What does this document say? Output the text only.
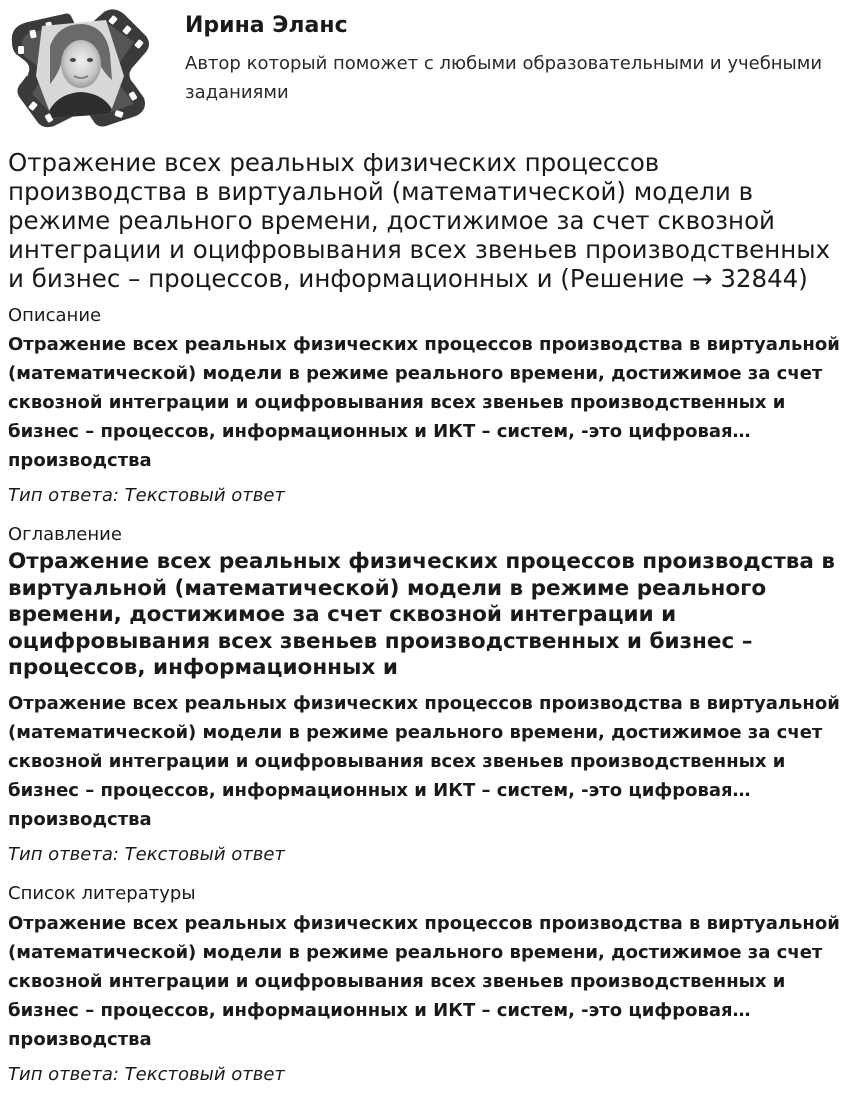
Ирина Эланс
Автор который поможет с любыми образовательными и учебными заданиями
Отражение всех реальных физических процессов производства в виртуальной (математической) модели в режиме реального времени, достижимое за счет сквозной интеграции и оцифровывания всех звеньев производственных и бизнес – процессов, информационных и (Решение → 32844)
Описание
Отражение всех реальных физических процессов производства в виртуальной (математической) модели в режиме реального времени, достижимое за счет сквозной интеграции и оцифровывания всех звеньев производственных и бизнес – процессов, информационных и ИКТ – систем, -это цифровая… производства
Тип ответа: Текстовый ответ
Оглавление
Отражение всех реальных физических процессов производства в виртуальной (математической) модели в режиме реального времени, достижимое за счет сквозной интеграции и оцифровывания всех звеньев производственных и бизнес – процессов, информационных и
Отражение всех реальных физических процессов производства в виртуальной (математической) модели в режиме реального времени, достижимое за счет сквозной интеграции и оцифровывания всех звеньев производственных и бизнес – процессов, информационных и ИКТ – систем, -это цифровая… производства
Тип ответа: Текстовый ответ
Список литературы
Отражение всех реальных физических процессов производства в виртуальной (математической) модели в режиме реального времени, достижимое за счет сквозной интеграции и оцифровывания всех звеньев производственных и бизнес – процессов, информационных и ИКТ – систем, -это цифровая… производства
Тип ответа: Текстовый ответ
